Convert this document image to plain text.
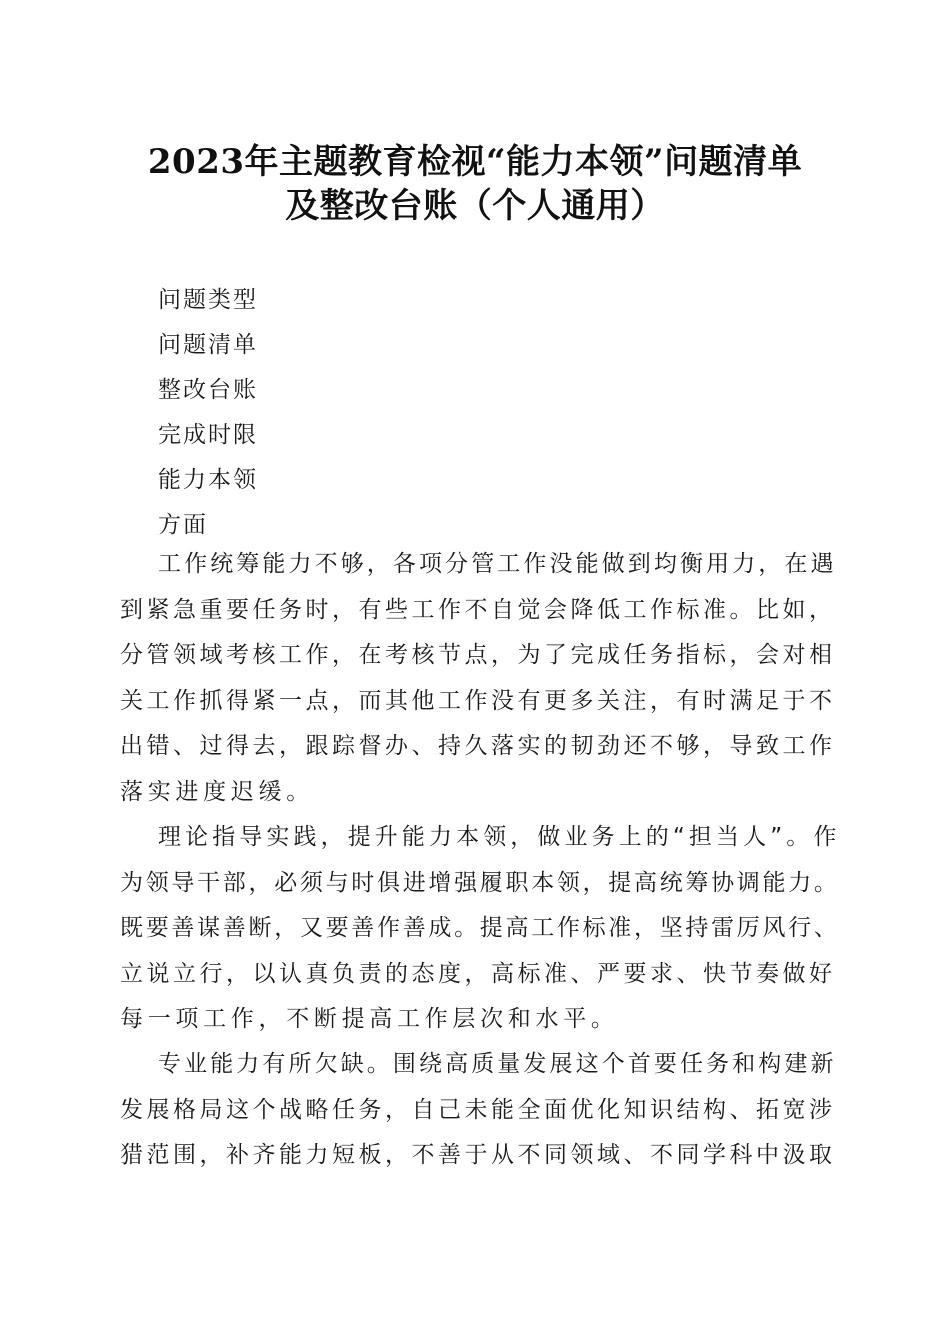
2023年主题教育检视“能力本领”问题清单
及整改台账（个人通用）
问题类型
问题清单
整改台账
完成时限
能力本领
方面
工作统筹能力不够，各项分管工作没能做到均衡用力，在遇
到紧急重要任务时，有些工作不自觉会降低工作标准。比如，
分管领域考核工作，在考核节点，为了完成任务指标，会对相
关工作抓得紧一点，而其他工作没有更多关注，有时满足于不
出错、过得去，跟踪督办、持久落实的韧劲还不够，导致工作
落实进度迟缓。
理论指导实践，提升能力本领，做业务上的“担当人”。作
为领导干部，必须与时俱进增强履职本领，提高统筹协调能力。
既要善谋善断，又要善作善成。提高工作标准，坚持雷厉风行、
立说立行，以认真负责的态度，高标准、严要求、快节奏做好
每一项工作，不断提高工作层次和水平。
专业能力有所欠缺。围绕高质量发展这个首要任务和构建新
发展格局这个战略任务，自己未能全面优化知识结构、拓宽涉
猎范围，补齐能力短板，不善于从不同领域、不同学科中汲取
